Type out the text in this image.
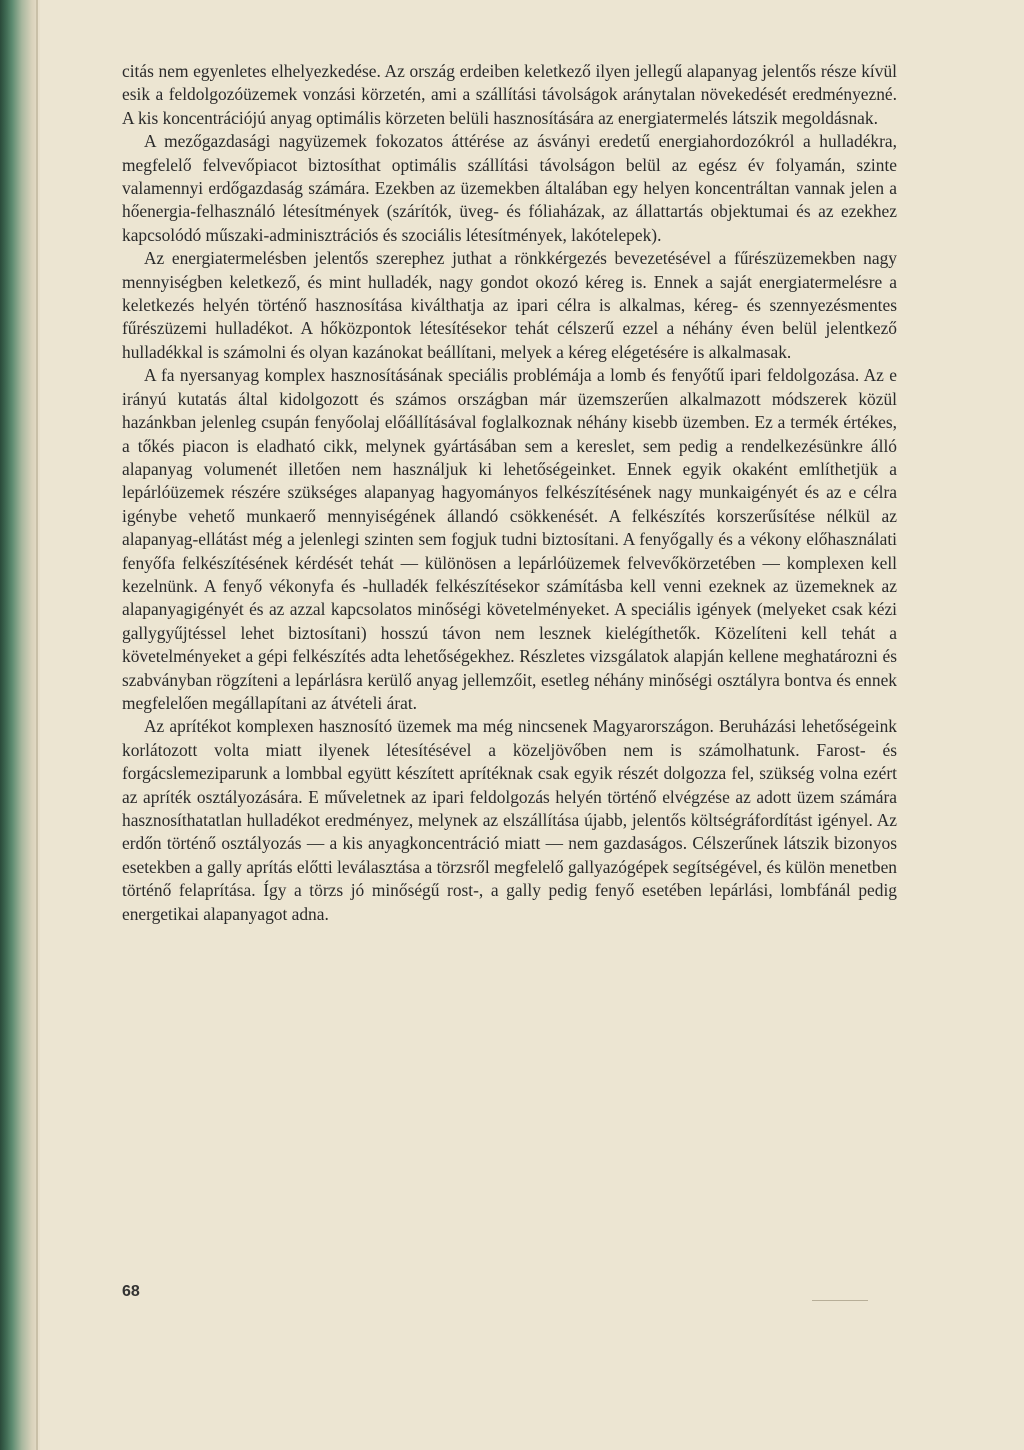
citás nem egyenletes elhelyezkedése. Az ország erdeiben keletkező ilyen jellegű alapanyag jelentős része kívül esik a feldolgozóüzemek vonzási körzetén, ami a szállítási távolságok aránytalan növekedését eredményezné. A kis koncentrációjú anyag optimális körzeten belüli hasznosítására az energiatermelés látszik megoldásnak.

A mezőgazdasági nagyüzemek fokozatos áttérése az ásványi eredetű energiahordozókról a hulladékra, megfelelő felvevőpiacot biztosíthat optimális szállítási távolságon belül az egész év folyamán, szinte valamennyi erdőgazdaság számára. Ezekben az üzemekben általában egy helyen koncentráltan vannak jelen a hőenergia-felhasználó létesítmények (szárítók, üveg- és fóliaházak, az állattartás objektumai és az ezekhez kapcsolódó műszaki-adminisztrációs és szociális létesítmények, lakótelepek).

Az energiatermelésben jelentős szerephez juthat a rönkkérgezés bevezetésével a fűrészüzemekben nagy mennyiségben keletkező, és mint hulladék, nagy gondot okozó kéreg is. Ennek a saját energiatermelésre a keletkezés helyén történő hasznosítása kiválthatja az ipari célra is alkalmas, kéreg- és szennyezésmentes fűrészüzemi hulladékot. A hőközpontok létesítésekor tehát célszerű ezzel a néhány éven belül jelentkező hulladékkal is számolni és olyan kazánokat beállítani, melyek a kéreg elégetésére is alkalmasak.

A fa nyersanyag komplex hasznosításának speciális problémája a lomb és fenyőtű ipari feldolgozása. Az e irányú kutatás által kidolgozott és számos országban már üzemszerűen alkalmazott módszerek közül hazánkban jelenleg csupán fenyőolaj előállításával foglalkoznak néhány kisebb üzemben. Ez a termék értékes, a tőkés piacon is eladható cikk, melynek gyártásában sem a kereslet, sem pedig a rendelkezésünkre álló alapanyag volumenét illetően nem használjuk ki lehetőségeinket. Ennek egyik okaként említhetjük a lepárlóüzemek részére szükséges alapanyag hagyományos felkészítésének nagy munkaigényét és az e célra igénybe vehető munkaerő mennyiségének állandó csökkenését. A felkészítés korszerűsítése nélkül az alapanyag-ellátást még a jelenlegi szinten sem fogjuk tudni biztosítani. A fenyőgally és a vékony előhasználati fenyőfa felkészítésének kérdését tehát — különösen a lepárlóüzemek felvevőkörzetében — komplexen kell kezelnünk. A fenyő vékonyfa és -hulladék felkészítésekor számításba kell venni ezeknek az üzemeknek az alapanyagigényét és az azzal kapcsolatos minőségi követelményeket. A speciális igények (melyeket csak kézi gallygyűjtéssel lehet biztosítani) hosszú távon nem lesznek kielégíthetők. Közelíteni kell tehát a követelményeket a gépi felkészítés adta lehetőségekhez. Részletes vizsgálatok alapján kellene meghatározni és szabványban rögzíteni a lepárlásra kerülő anyag jellemzőit, esetleg néhány minőségi osztályra bontva és ennek megfelelően megállapítani az átvételi árat.

Az aprítékot komplexen hasznosító üzemek ma még nincsenek Magyarországon. Beruházási lehetőségeink korlátozott volta miatt ilyenek létesítésével a közeljövőben nem is számolhatunk. Farost- és forgácslemeziparunk a lombbal együtt készített aprítéknak csak egyik részét dolgozza fel, szükség volna ezért az apríték osztályozására. E műveletnek az ipari feldolgozás helyén történő elvégzése az adott üzem számára hasznosíthatatlan hulladékot eredményez, melynek az elszállítása újabb, jelentős költségráfordítást igényel. Az erdőn történő osztályozás — a kis anyagkoncentráció miatt — nem gazdaságos. Célszerűnek látszik bizonyos esetekben a gally aprítás előtti leválasztása a törzsről megfelelő gallyazógépek segítségével, és külön menetben történő felaprítása. Így a törzs jó minőségű rost-, a gally pedig fenyő esetében lepárlási, lombfánál pedig energetikai alapanyagot adna.

68
